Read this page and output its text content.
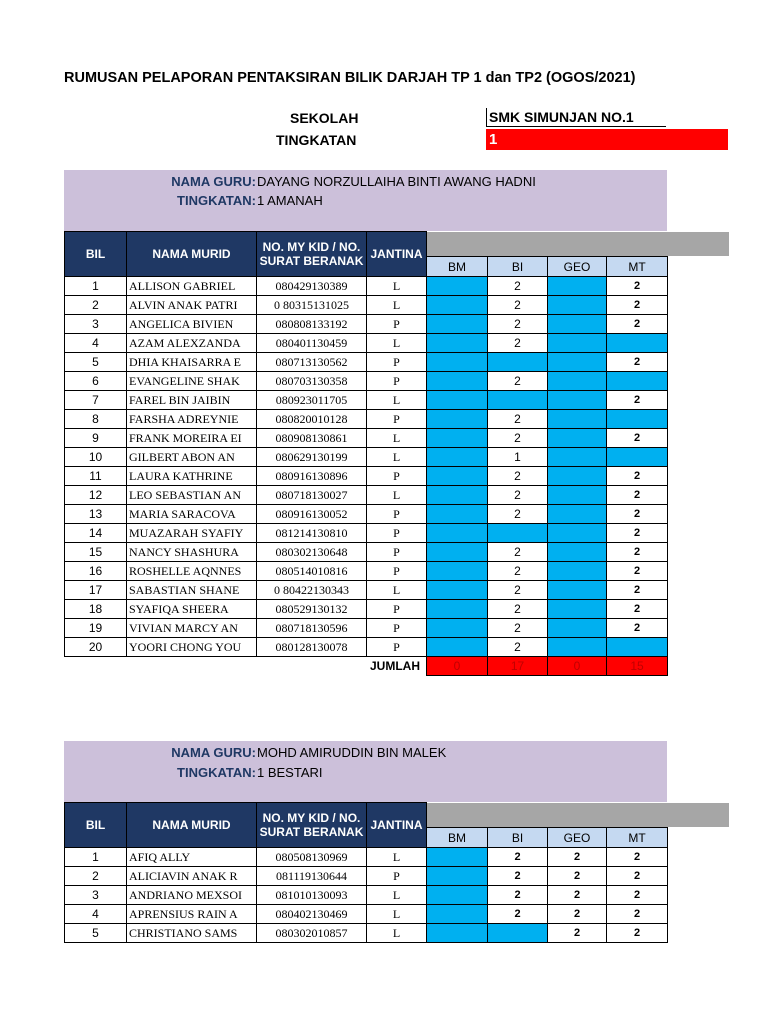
RUMUSAN PELAPORAN PENTAKSIRAN BILIK DARJAH TP 1 dan TP2 (OGOS/2021)
SEKOLAH	SMK SIMUNJAN NO.1
TINGKATAN	1
NAMA GURU: DAYANG NORZULLAIHA BINTI AWANG HADNI
TINGKATAN: 1 AMANAH
BIL	NAMA MURID	NO. MY KID / NO.
SURAT BERANAK	JANTINA					
				BM	BI	GEO	MT	
1	ALLISON GABRIEL	080429130389	L		2		2	
2	ALVIN ANAK PATRI	0 80315131025	L		2		2	
3	ANGELICA BIVIEN	080808133192	P		2		2	
4	AZAM ALEXZANDA	080401130459	L		2			
5	DHIA KHAISARRA E	080713130562	P				2	
6	EVANGELINE SHAK	080703130358	P		2			
7	FAREL BIN JAIBIN	080923011705	L				2	
8	FARSHA ADREYNIE	080820010128	P		2			
9	FRANK MOREIRA EI	080908130861	L		2		2	
10	GILBERT ABON AN	080629130199	L		1			
11	LAURA KATHRINE	080916130896	P		2		2	
12	LEO SEBASTIAN AN	080718130027	L		2		2	
13	MARIA SARACOVA	080916130052	P		2		2	
14	MUAZARAH SYAFIY	081214130810	P				2	
15	NANCY SHASHURA	080302130648	P		2		2	
16	ROSHELLE AQNNES	080514010816	P		2		2	
17	SABASTIAN SHANE	0 80422130343	L		2		2	
18	SYAFIQA SHEERA	080529130132	P		2		2	
19	VIVIAN MARCY AN	080718130596	P		2		2	
20	YOORI CHONG YOU	080128130078	P		2			
			JUMLAH	0	17	0	15	
NAMA GURU: MOHD AMIRUDDIN BIN MALEK
TINGKATAN: 1 BESTARI
BIL	NAMA MURID	NO. MY KID / NO.
SURAT BERANAK	JANTINA					
				BM	BI	GEO	MT	
1	AFIQ ALLY	080508130969	L		2	2	2	
2	ALICIAVIN ANAK R	081119130644	P		2	2	2	
3	ANDRIANO MEXSOI	081010130093	L		2	2	2	
4	APRENSIUS RAIN A	080402130469	L		2	2	2	
5	CHRISTIANO SAMS	080302010857	L			2	2	
